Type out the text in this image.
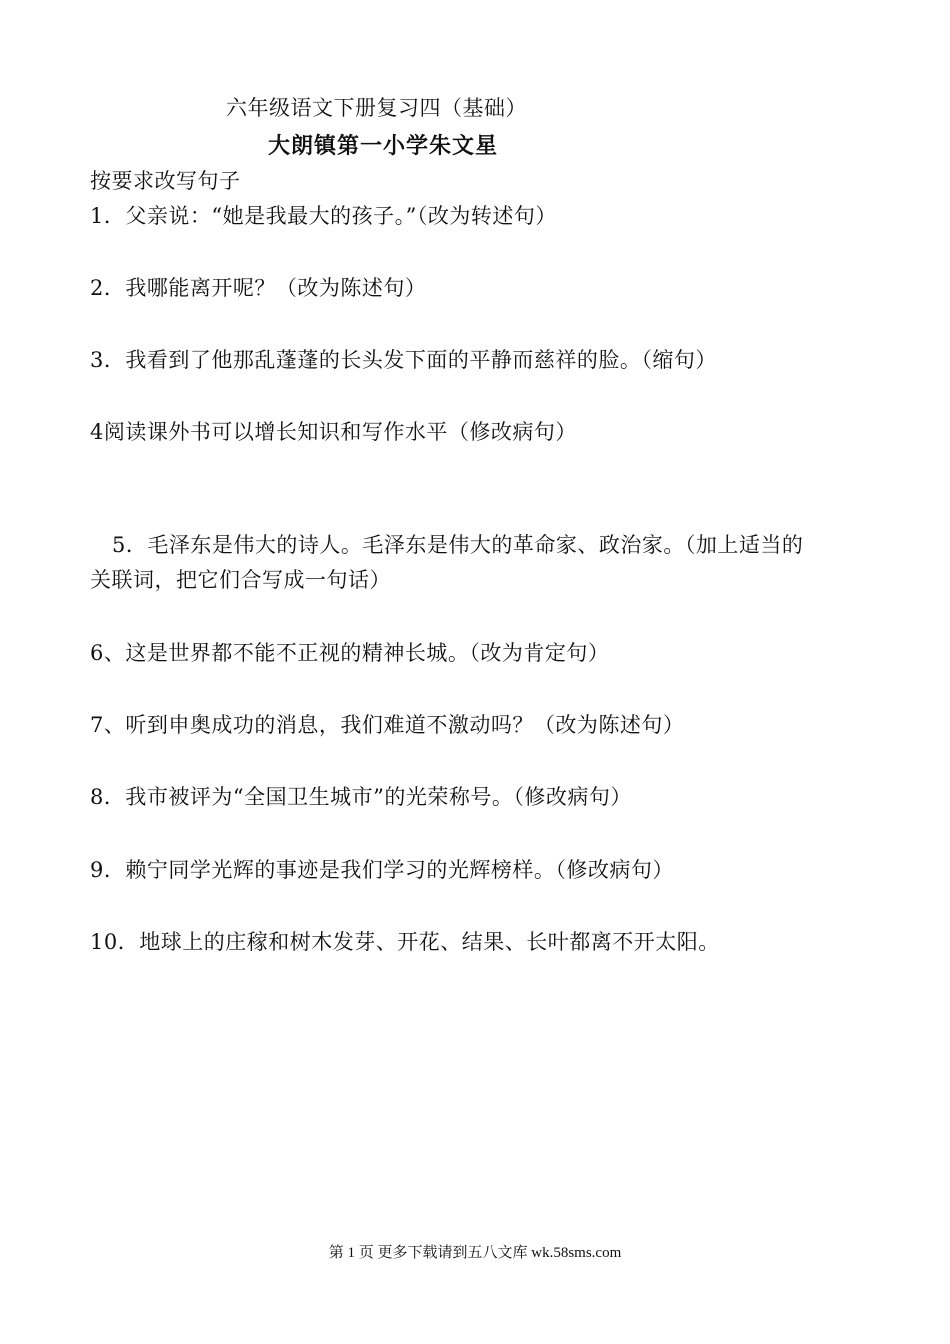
六年级语文下册复习四（基础）
大朗镇第一小学朱文星
按要求改写句子
1．父亲说：“她是我最大的孩子。”（改为转述句）
2．我哪能离开呢？（改为陈述句）
3．我看到了他那乱蓬蓬的长头发下面的平静而慈祥的脸。（缩句）
4阅读课外书可以增长知识和写作水平（修改病句）
5．毛泽东是伟大的诗人。毛泽东是伟大的革命家、政治家。（加上适当的
关联词，把它们合写成一句话）
6、这是世界都不能不正视的精神长城。（改为肯定句）
7、听到申奥成功的消息，我们难道不激动吗？（改为陈述句）
8．我市被评为“全国卫生城市”的光荣称号。（修改病句）
9．赖宁同学光辉的事迹是我们学习的光辉榜样。（修改病句）
10．地球上的庄稼和树木发芽、开花、结果、长叶都离不开太阳。
第 1 页 更多下载请到五八文库 wk.58sms.com
